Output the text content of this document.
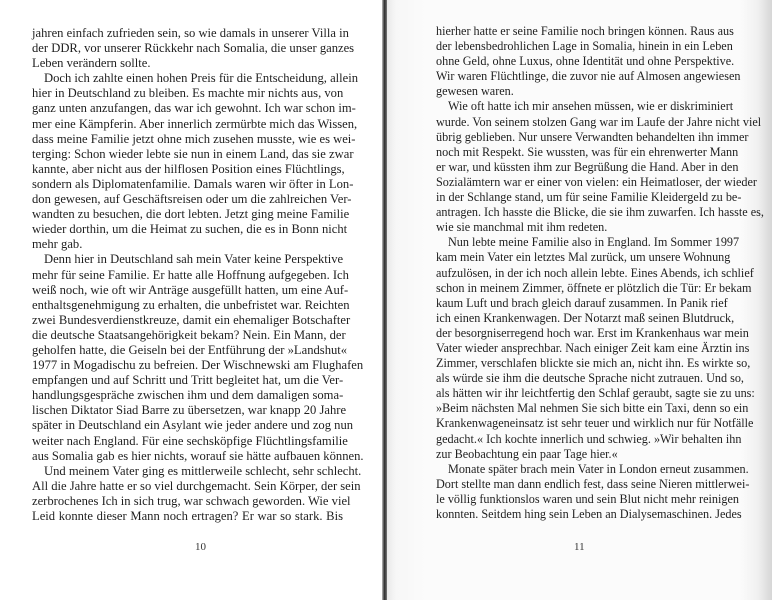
jahren einfach zufrieden sein, so wie damals in unserer Villa in
der DDR, vor unserer Rückkehr nach Somalia, die unser ganzes
Leben verändern sollte.
Doch ich zahlte einen hohen Preis für die Entscheidung, allein
hier in Deutschland zu bleiben. Es machte mir nichts aus, von
ganz unten anzufangen, das war ich gewohnt. Ich war schon im-
mer eine Kämpferin. Aber innerlich zermürbte mich das Wissen,
dass meine Familie jetzt ohne mich zusehen musste, wie es wei-
terging: Schon wieder lebte sie nun in einem Land, das sie zwar
kannte, aber nicht aus der hilflosen Position eines Flüchtlings,
sondern als Diplomatenfamilie. Damals waren wir öfter in Lon-
don gewesen, auf Geschäftsreisen oder um die zahlreichen Ver-
wandten zu besuchen, die dort lebten. Jetzt ging meine Familie
wieder dorthin, um die Heimat zu suchen, die es in Bonn nicht
mehr gab.
Denn hier in Deutschland sah mein Vater keine Perspektive
mehr für seine Familie. Er hatte alle Hoffnung aufgegeben. Ich
weiß noch, wie oft wir Anträge ausgefüllt hatten, um eine Auf-
enthaltsgenehmigung zu erhalten, die unbefristet war. Reichten
zwei Bundesverdienstkreuze, damit ein ehemaliger Botschafter
die deutsche Staatsangehörigkeit bekam? Nein. Ein Mann, der
geholfen hatte, die Geiseln bei der Entführung der »Landshut«
1977 in Mogadischu zu befreien. Der Wischnewski am Flughafen
empfangen und auf Schritt und Tritt begleitet hat, um die Ver-
handlungsgespräche zwischen ihm und dem damaligen soma-
lischen Diktator Siad Barre zu übersetzen, war knapp 20 Jahre
später in Deutschland ein Asylant wie jeder andere und zog nun
weiter nach England. Für eine sechsköpfige Flüchtlingsfamilie
aus Somalia gab es hier nichts, worauf sie hätte aufbauen können.
Und meinem Vater ging es mittlerweile schlecht, sehr schlecht.
All die Jahre hatte er so viel durchgemacht. Sein Körper, der sein
zerbrochenes Ich in sich trug, war schwach geworden. Wie viel
Leid konnte dieser Mann noch ertragen? Er war so stark. Bis
10
hierher hatte er seine Familie noch bringen können. Raus aus
der lebensbedrohlichen Lage in Somalia, hinein in ein Leben
ohne Geld, ohne Luxus, ohne Identität und ohne Perspektive.
Wir waren Flüchtlinge, die zuvor nie auf Almosen angewiesen
gewesen waren.
Wie oft hatte ich mir ansehen müssen, wie er diskriminiert
wurde. Von seinem stolzen Gang war im Laufe der Jahre nicht viel
übrig geblieben. Nur unsere Verwandten behandelten ihn immer
noch mit Respekt. Sie wussten, was für ein ehrenwerter Mann
er war, und küssten ihm zur Begrüßung die Hand. Aber in den
Sozialämtern war er einer von vielen: ein Heimatloser, der wieder
in der Schlange stand, um für seine Familie Kleidergeld zu be-
antragen. Ich hasste die Blicke, die sie ihm zuwarfen. Ich hasste es,
wie sie manchmal mit ihm redeten.
Nun lebte meine Familie also in England. Im Sommer 1997
kam mein Vater ein letztes Mal zurück, um unsere Wohnung
aufzulösen, in der ich noch allein lebte. Eines Abends, ich schlief
schon in meinem Zimmer, öffnete er plötzlich die Tür: Er bekam
kaum Luft und brach gleich darauf zusammen. In Panik rief
ich einen Krankenwagen. Der Notarzt maß seinen Blutdruck,
der besorgniserregend hoch war. Erst im Krankenhaus war mein
Vater wieder ansprechbar. Nach einiger Zeit kam eine Ärztin ins
Zimmer, verschlafen blickte sie mich an, nicht ihn. Es wirkte so,
als würde sie ihm die deutsche Sprache nicht zutrauen. Und so,
als hätten wir ihr leichtfertig den Schlaf geraubt, sagte sie zu uns:
»Beim nächsten Mal nehmen Sie sich bitte ein Taxi, denn so ein
Krankenwageneinsatz ist sehr teuer und wirklich nur für Notfälle
gedacht.« Ich kochte innerlich und schwieg. »Wir behalten ihn
zur Beobachtung ein paar Tage hier.«
Monate später brach mein Vater in London erneut zusammen.
Dort stellte man dann endlich fest, dass seine Nieren mittlerwei-
le völlig funktionslos waren und sein Blut nicht mehr reinigen
konnten. Seitdem hing sein Leben an Dialysemaschinen. Jedes
11
